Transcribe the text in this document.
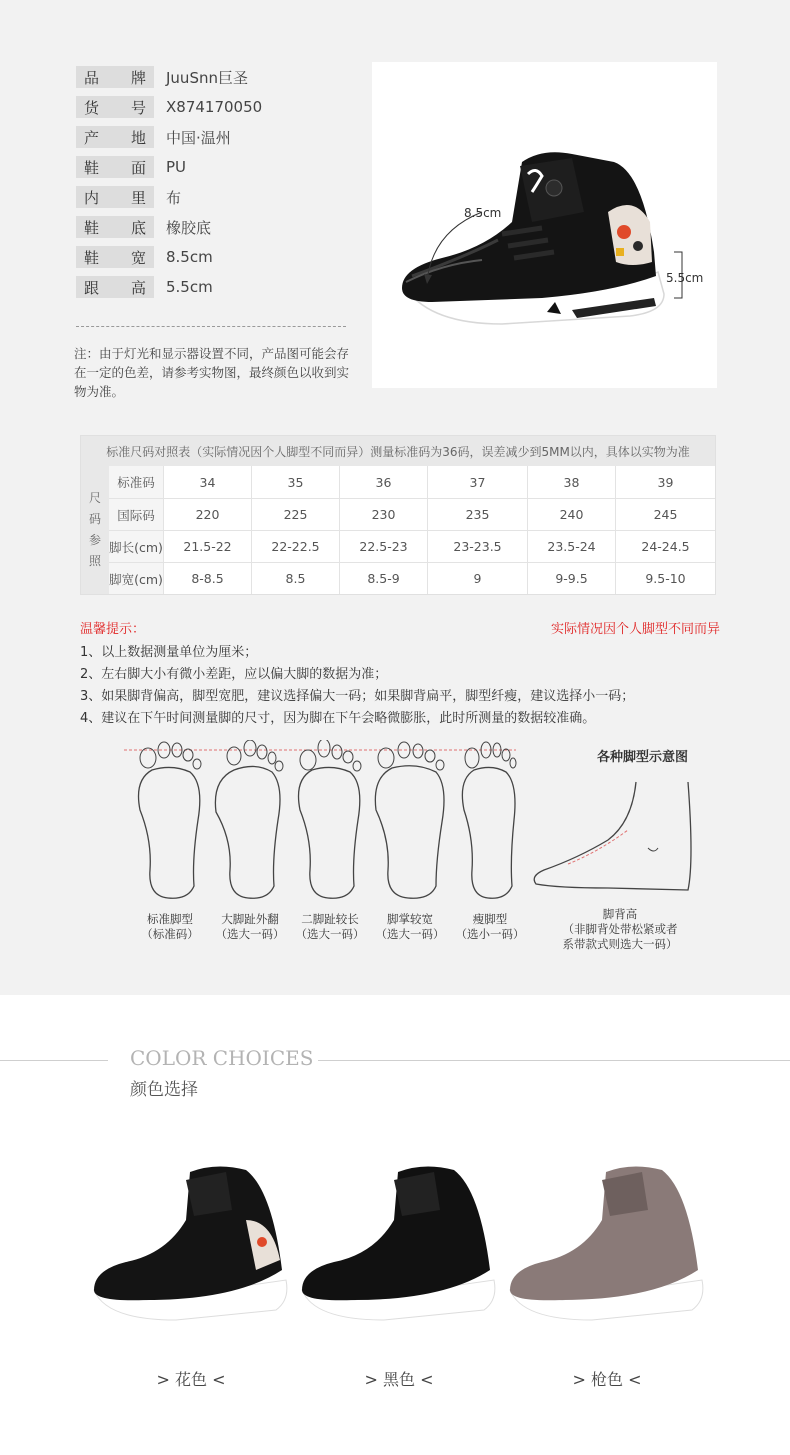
品 牌 JuuSnn巨圣
货 号 X874170050
产 地 中国·温州
鞋 面 PU
内 里 布
鞋 底 橡胶底
鞋 宽 8.5cm
跟 高 5.5cm
注：由于灯光和显示器设置不同，产品图可能会存在一定的色差，请参考实物图，最终颜色以收到实物为准。
8.5cm
5.5cm
标准尺码对照表（实际情况因个人脚型不同而异）测量标准码为36码，误差减少到5MM以内，具体以实物为准
尺
码
参
照
标准码	34	35	36	37	38	39
国际码	220	225	230	235	240	245
脚长(cm)	21.5-22	22-22.5	22.5-23	23-23.5	23.5-24	24-24.5
脚宽(cm)	8-8.5	8.5	8.5-9	9	9-9.5	9.5-10
温馨提示：	实际情况因个人脚型不同而异
1、以上数据测量单位为厘米；
2、左右脚大小有微小差距，应以偏大脚的数据为准；
3、如果脚背偏高，脚型宽肥，建议选择偏大一码；如果脚背扁平，脚型纤瘦，建议选择小一码；
4、建议在下午时间测量脚的尺寸，因为脚在下午会略微膨胀，此时所测量的数据较准确。
标准脚型
（标准码）
大脚趾外翻
（选大一码）
二脚趾较长
（选大一码）
脚掌较宽
（选大一码）
瘦脚型
（选小一码）
各种脚型示意图
脚背高
（非脚背处带松紧或者
系带款式则选大一码）
COLOR CHOICES
颜色选择
> 花色 <	> 黑色 <	> 枪色 <
